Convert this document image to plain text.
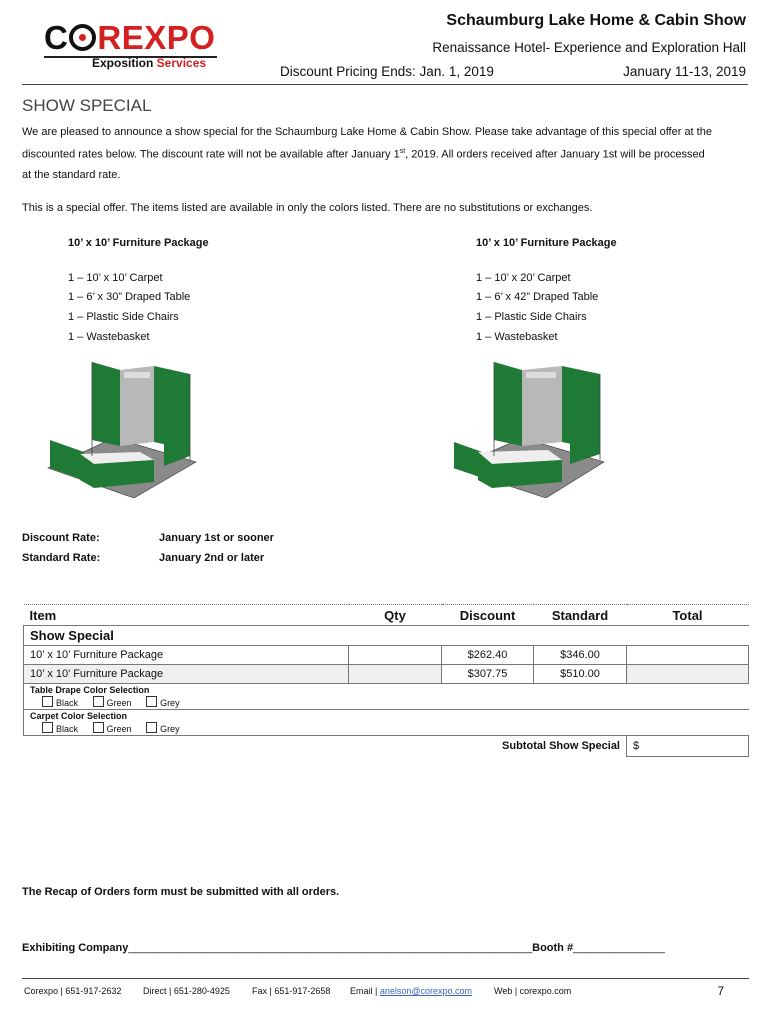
C REXPO
Exposition Services
Schaumburg Lake Home & Cabin Show
Renaissance Hotel- Experience and Exploration Hall
Discount Pricing Ends: Jan. 1, 2019	January 11-13, 2019
SHOW SPECIAL
We are pleased to announce a show special for the Schaumburg Lake Home & Cabin Show. Please take advantage of this special offer at the
discounted rates below. The discount rate will not be available after January 1st, 2019. All orders received after January 1st will be processed
at the standard rate.
This is a special offer. The items listed are available in only the colors listed. There are no substitutions or exchanges.
10’ x 10’ Furniture Package
1 – 10’ x 10’ Carpet
1 – 6’ x 30” Draped Table
1 – Plastic Side Chairs
1 – Wastebasket
10’ x 10’ Furniture Package
1 – 10’ x 20’ Carpet
1 – 6’ x 42” Draped Table
1 – Plastic Side Chairs
1 – Wastebasket
Discount Rate:	January 1st or sooner
Standard Rate:	January 2nd or later
Item	Qty	Discount	Standard	Total
Show Special				
10’ x 10’ Furniture Package		$262.40	$346.00	
10’ x 10’ Furniture Package		$307.75	$510.00	
Table Drape Color Selection
Black Green Grey				
Carpet Color Selection
Black Green Grey				
Subtotal Show Special				$
The Recap of Orders form must be submitted with all orders.
Exhibiting Company__________________________________________________________________Booth #_______________
Corexpo | 651-917-2632 Direct | 651-280-4925 Fax | 651-917-2658 Email | anelson@corexpo.com Web | corexpo.com	7
